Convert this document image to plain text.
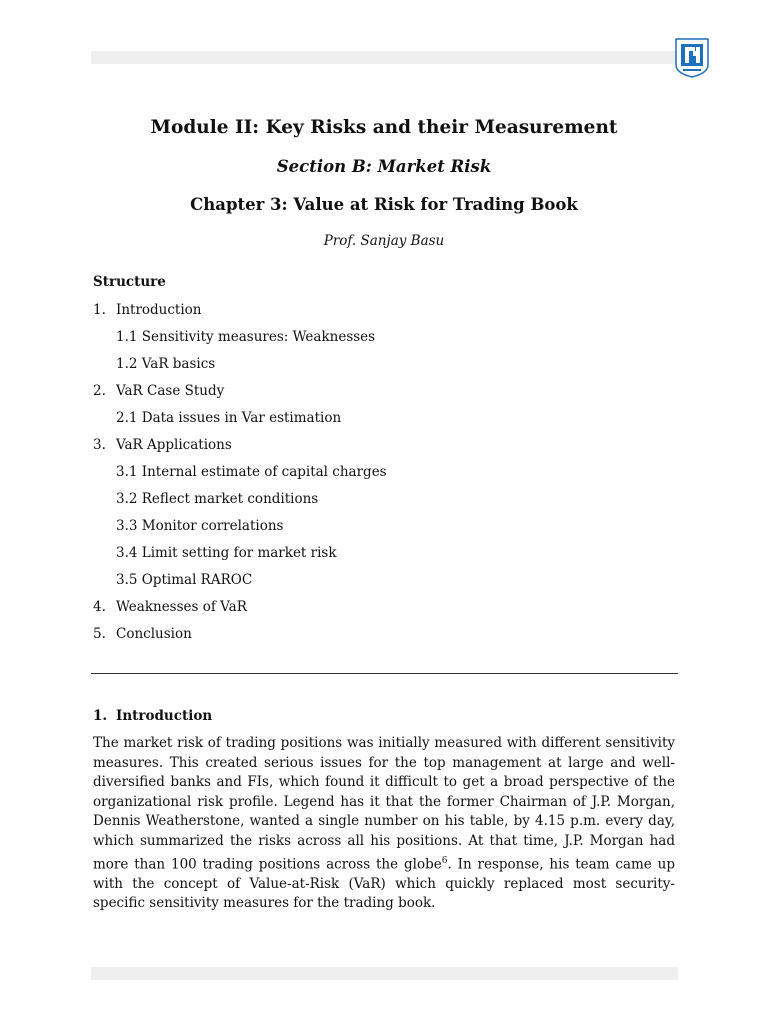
Module II: Key Risks and their Measurement
Section B: Market Risk
Chapter 3: Value at Risk for Trading Book

Prof. Sanjay Basu

Structure

1. Introduction
1.1 Sensitivity measures: Weaknesses
1.2 VaR basics
2. VaR Case Study
2.1 Data issues in Var estimation
3. VaR Applications
3.1 Internal estimate of capital charges
3.2 Reflect market conditions
3.3 Monitor correlations
3.4 Limit setting for market risk
3.5 Optimal RAROC
4. Weaknesses of VaR
5. Conclusion

1. Introduction

The market risk of trading positions was initially measured with different sensitivity measures. This created serious issues for the top management at large and well-diversified banks and FIs, which found it difficult to get a broad perspective of the organizational risk profile. Legend has it that the former Chairman of J.P. Morgan, Dennis Weatherstone, wanted a single number on his table, by 4.15 p.m. every day, which summarized the risks across all his positions. At that time, J.P. Morgan had more than 100 trading positions across the globe$^6$. In response, his team came up with the concept of Value-at-Risk (VaR) which quickly replaced most security-specific sensitivity measures for the trading book.
